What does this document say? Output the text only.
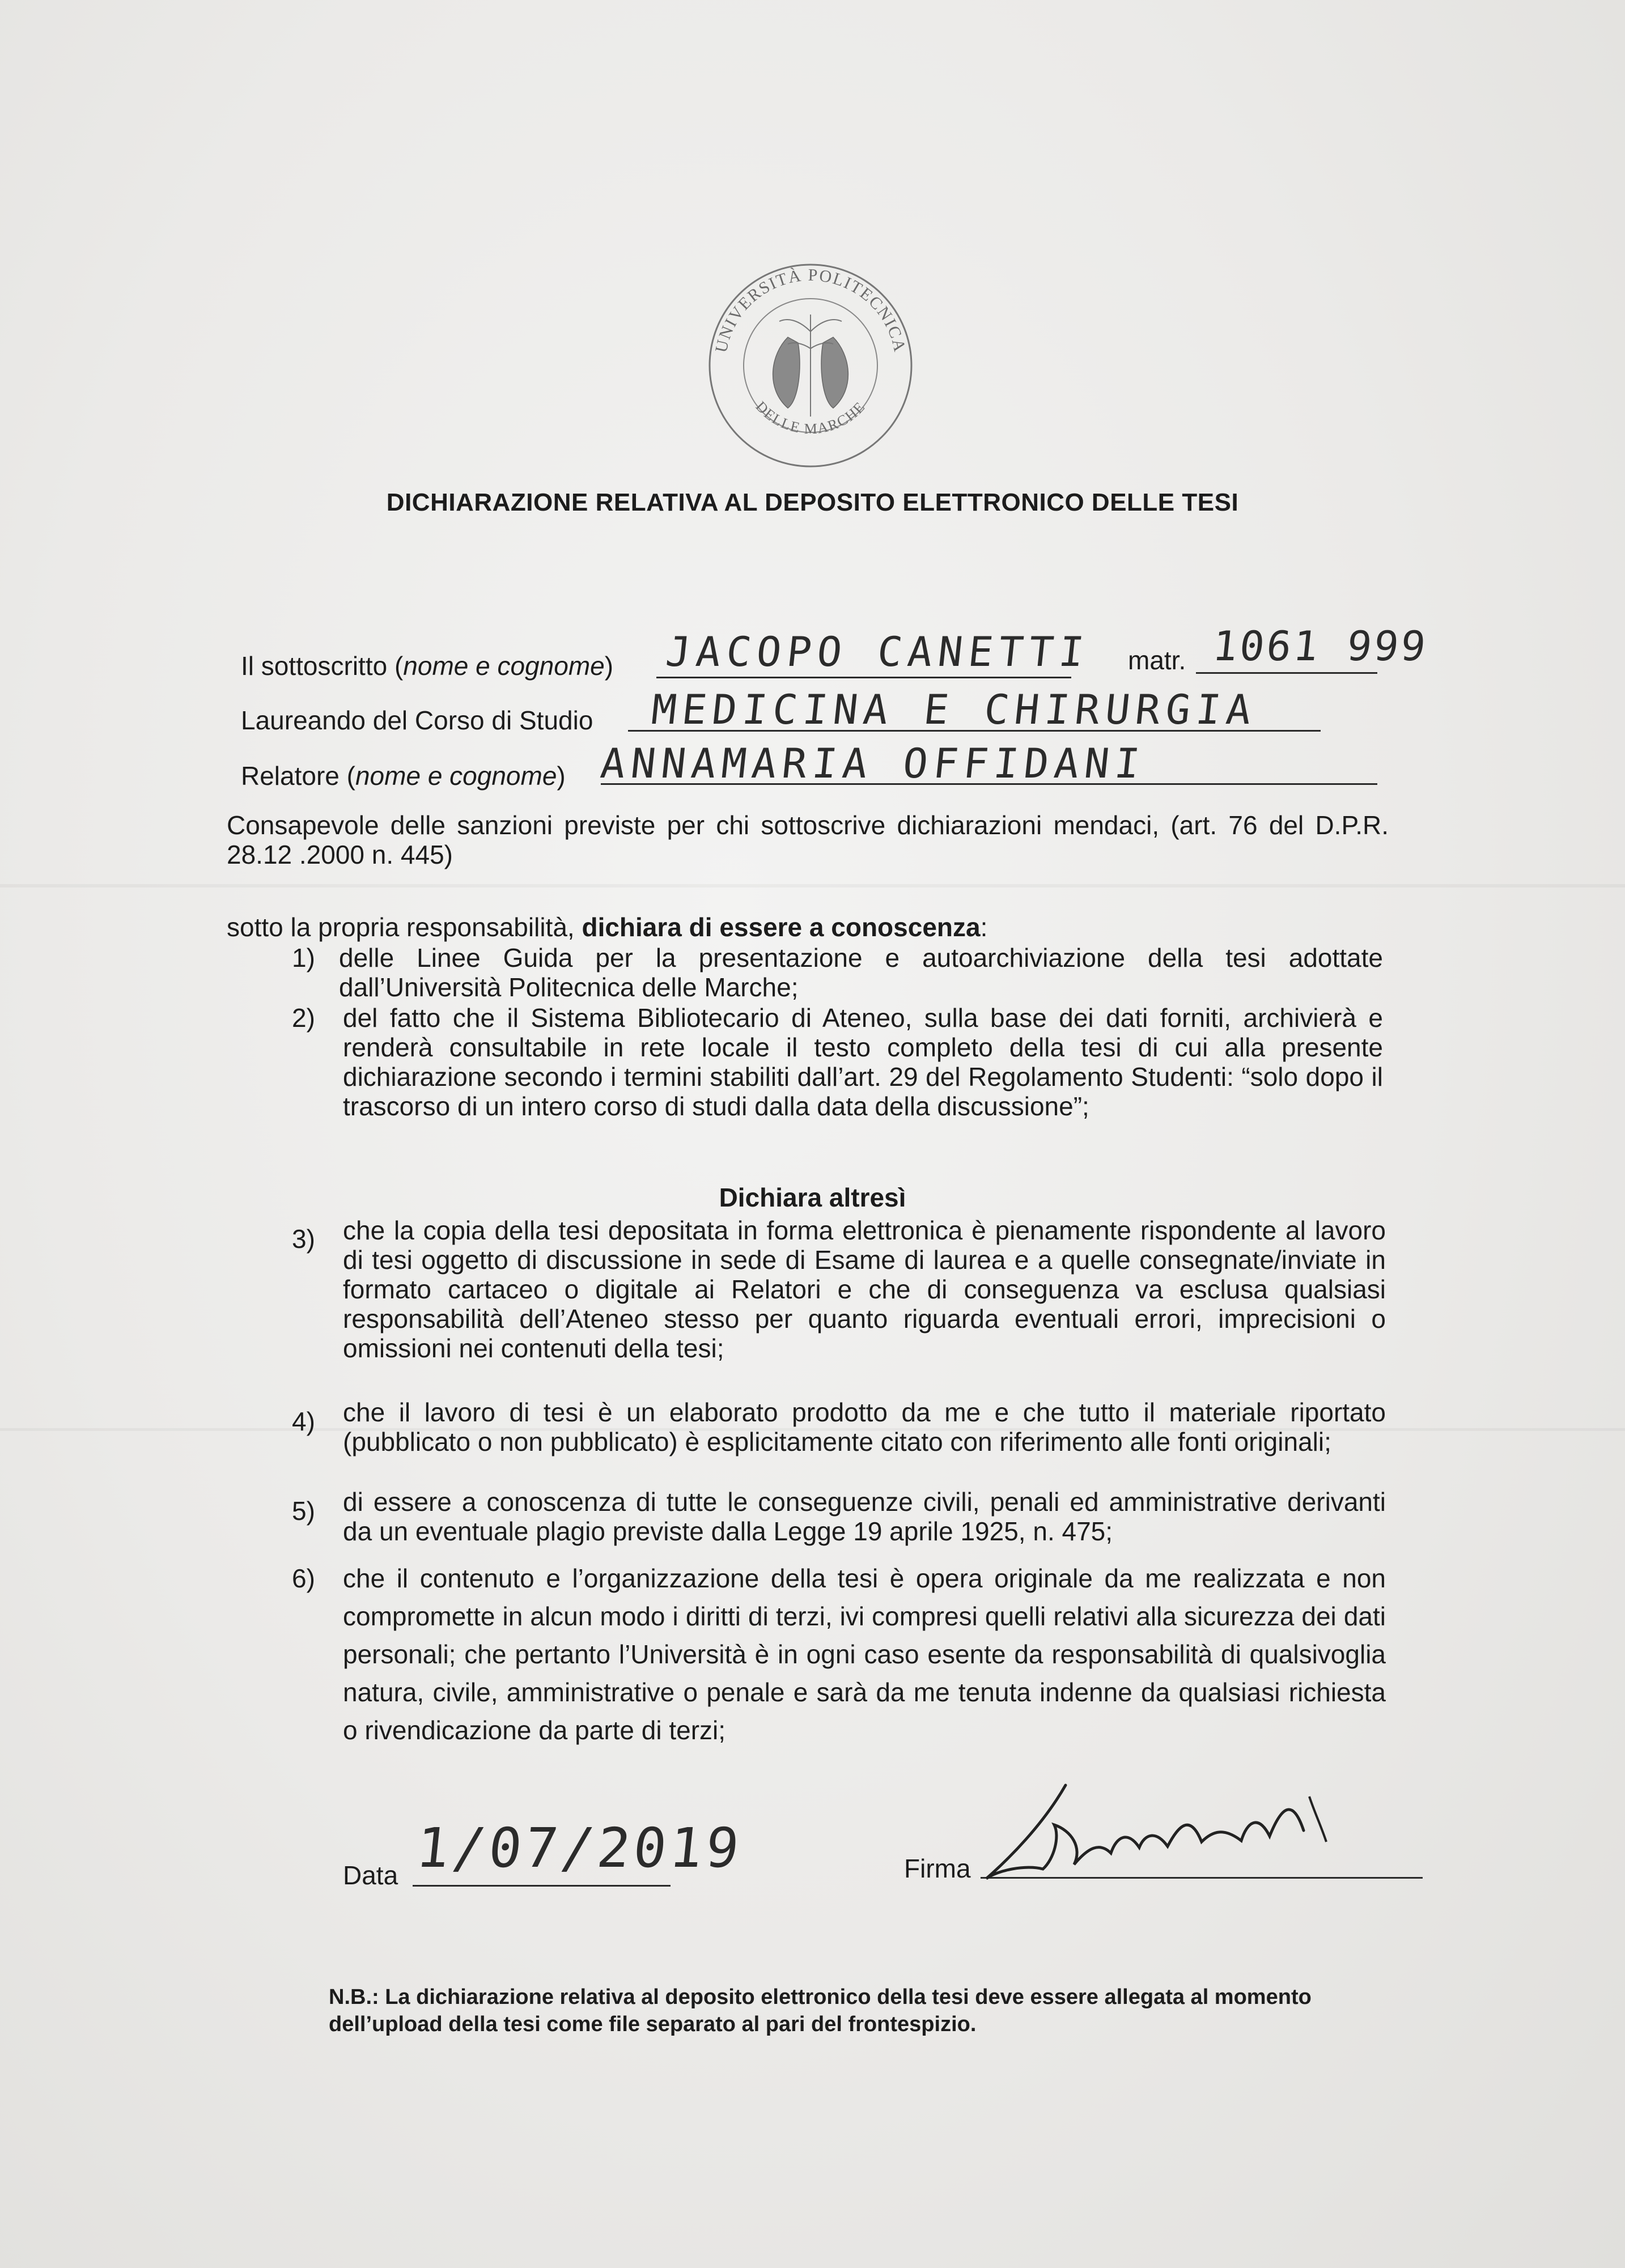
UNIVERSITÀ POLITECNICA
DELLE MARCHE
DICHIARAZIONE RELATIVA AL DEPOSITO ELETTRONICO DELLE TESI
Il sottoscritto (nome e cognome) JACOPO CANETTI matr. 1061 999
Laureando del Corso di Studio MEDICINA E CHIRURGIA
Relatore (nome e cognome) ANNAMARIA OFFIDANI
Consapevole delle sanzioni previste per chi sottoscrive dichiarazioni mendaci, (art. 76 del D.P.R. 28.12 .2000 n. 445)
sotto la propria responsabilità, dichiara di essere a conoscenza:
1) delle Linee Guida per la presentazione e autoarchiviazione della tesi adottate dall’Università Politecnica delle Marche;
2) del fatto che il Sistema Bibliotecario di Ateneo, sulla base dei dati forniti, archivierà e renderà consultabile in rete locale il testo completo della tesi di cui alla presente dichiarazione secondo i termini stabiliti dall’art. 29 del Regolamento Studenti: “solo dopo il trascorso di un intero corso di studi dalla data della discussione”;
Dichiara altresì
3) che la copia della tesi depositata in forma elettronica è pienamente rispondente al lavoro di tesi oggetto di discussione in sede di Esame di laurea e a quelle consegnate/inviate in formato cartaceo o digitale ai Relatori e che di conseguenza va esclusa qualsiasi responsabilità dell’Ateneo stesso per quanto riguarda eventuali errori, imprecisioni o omissioni nei contenuti della tesi;
4) che il lavoro di tesi è un elaborato prodotto da me e che tutto il materiale riportato (pubblicato o non pubblicato) è esplicitamente citato con riferimento alle fonti originali;
5) di essere a conoscenza di tutte le conseguenze civili, penali ed amministrative derivanti da un eventuale plagio previste dalla Legge 19 aprile 1925, n. 475;
6) che il contenuto e l’organizzazione della tesi è opera originale da me realizzata e non compromette in alcun modo i diritti di terzi, ivi compresi quelli relativi alla sicurezza dei dati personali; che pertanto l’Università è in ogni caso esente da responsabilità di qualsivoglia natura, civile, amministrative o penale e sarà da me tenuta indenne da qualsiasi richiesta o rivendicazione da parte di terzi;
Data 1/07/2019	Firma
N.B.: La dichiarazione relativa al deposito elettronico della tesi deve essere allegata al momento dell’upload della tesi come file separato al pari del frontespizio.
